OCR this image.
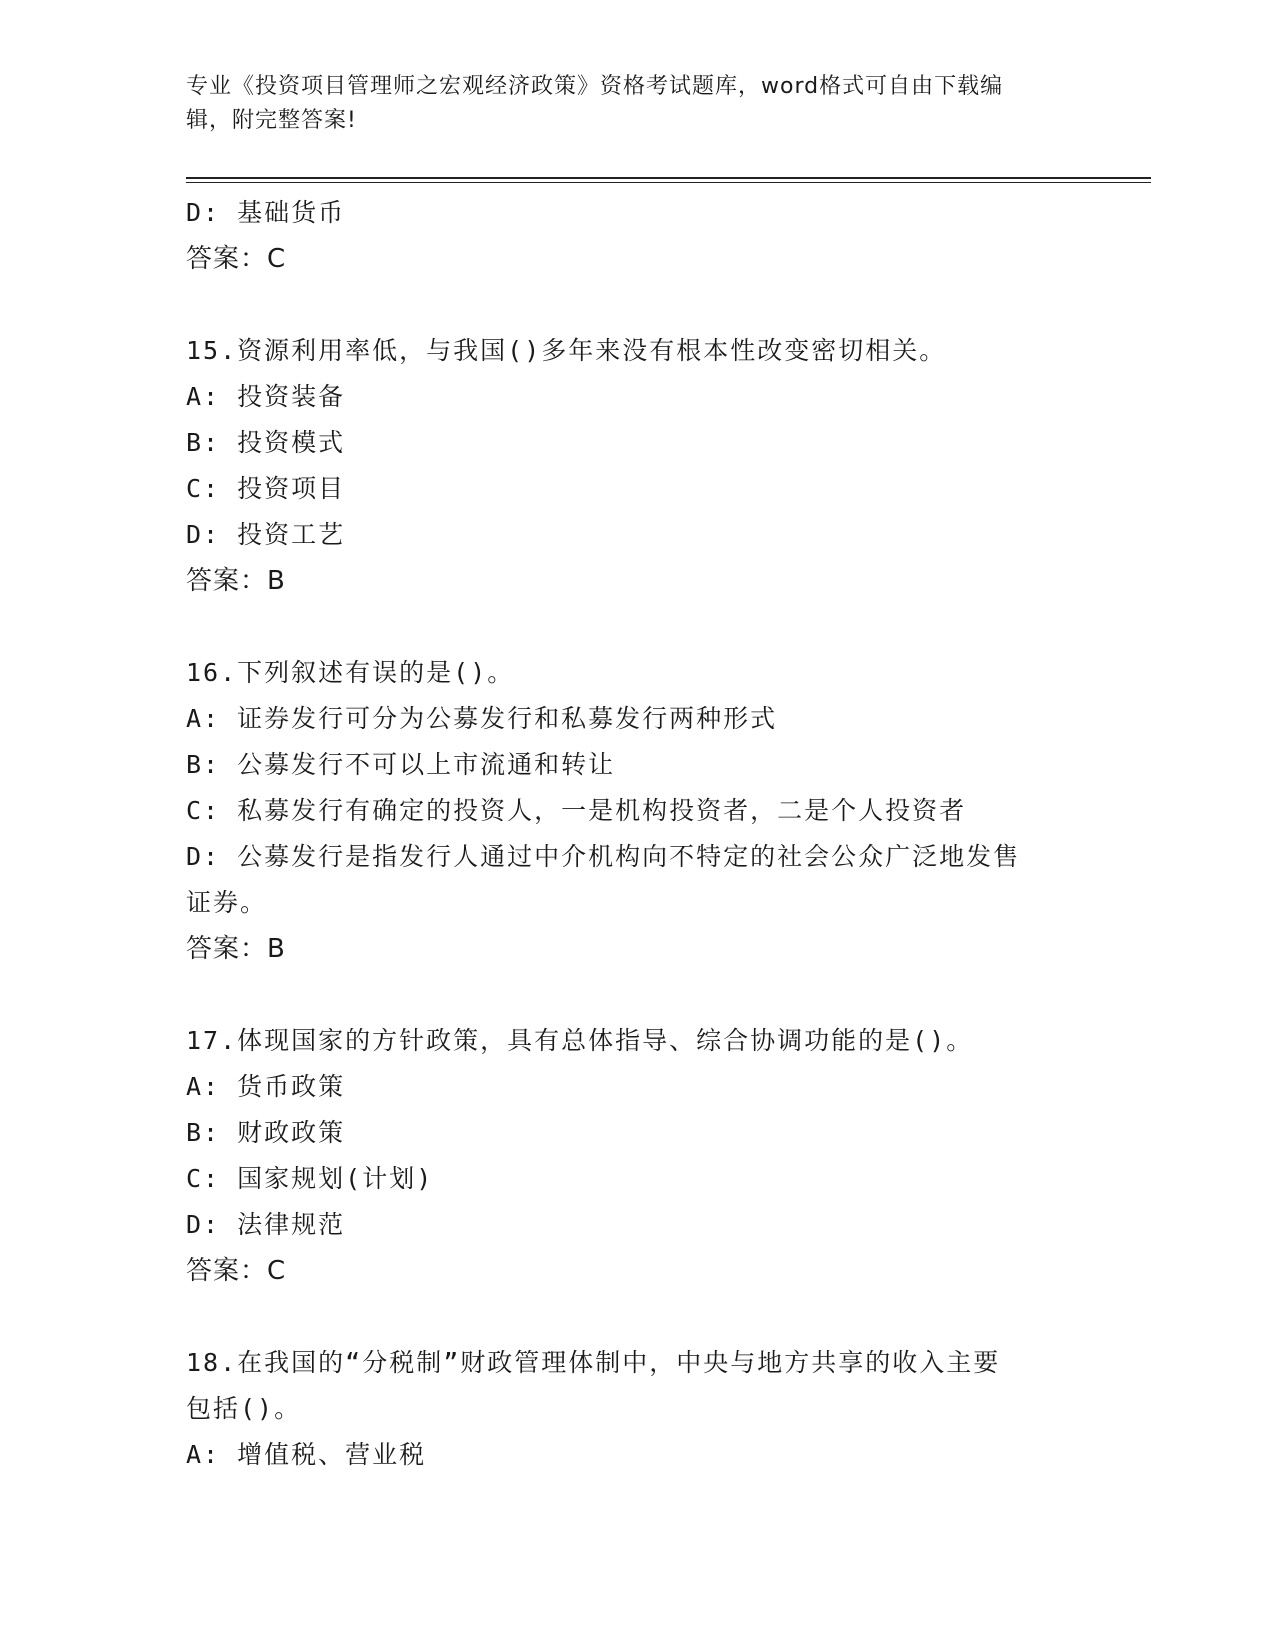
专业《投资项目管理师之宏观经济政策》资格考试题库，word格式可自由下载编
辑，附完整答案!
D: 基础货币
答案：C
15.资源利用率低，与我国()多年来没有根本性改变密切相关。
A: 投资装备
B: 投资模式
C: 投资项目
D: 投资工艺
答案：B
16.下列叙述有误的是()。
A: 证券发行可分为公募发行和私募发行两种形式
B: 公募发行不可以上市流通和转让
C: 私募发行有确定的投资人，一是机构投资者，二是个人投资者
D: 公募发行是指发行人通过中介机构向不特定的社会公众广泛地发售
证券。
答案：B
17.体现国家的方针政策，具有总体指导、综合协调功能的是()。
A: 货币政策
B: 财政政策
C: 国家规划(计划)
D: 法律规范
答案：C
18.在我国的“分税制”财政管理体制中，中央与地方共享的收入主要
包括()。
A: 增值税、营业税
